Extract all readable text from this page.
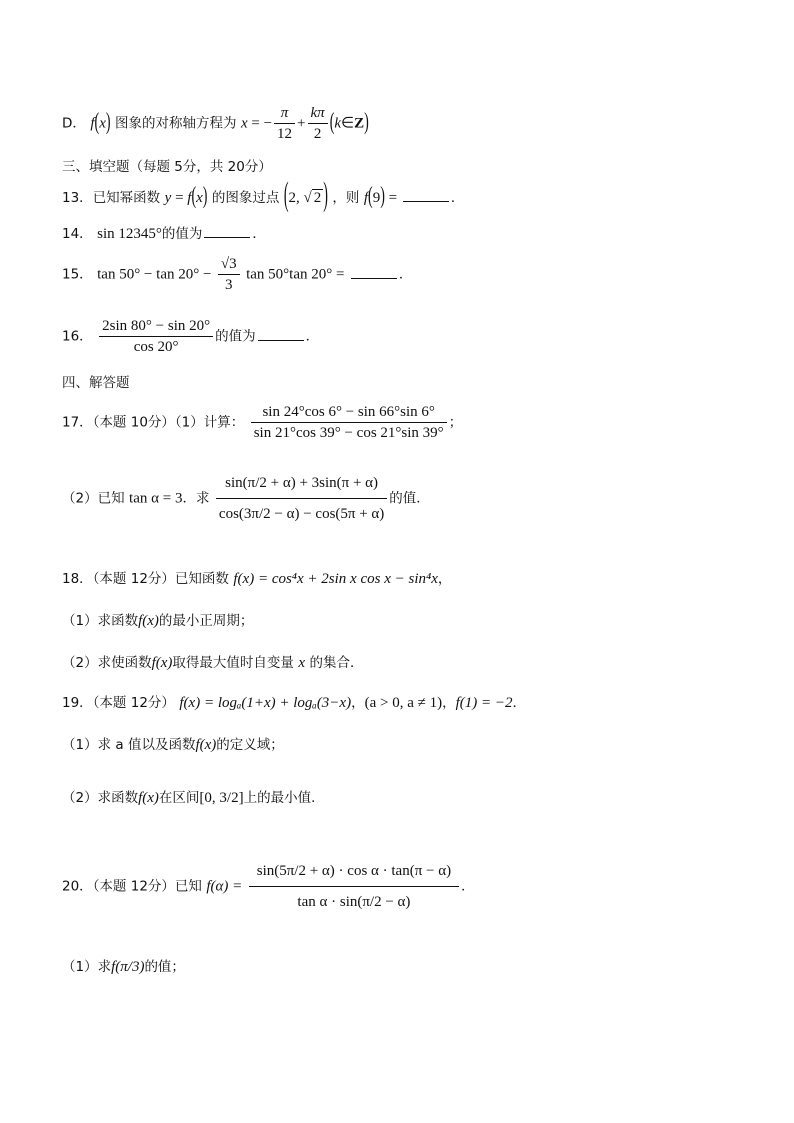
D． f(x) 图象的对称轴方程为 x = − $\frac{\pi}{12} + \frac{k\pi}{2}$ (k∈Z)
三、填空题（每题 5分，共 20分）
13．已知幂函数 y = f(x) 的图象过点 (2, √ 2 ) ，则 f(9) =	．
14． sin 12345°的值为	．
15． $\tan 50^\circ - \tan 20^\circ - \frac{√3}{3}$ tan 50°tan 20° =	．
16． $\frac{2\sin 80^\circ - \sin 20^\circ}{\cos 20^\circ}$ 的值为	．
四、解答题
17．（本题 10分）（1）计算： $\frac{\sin 24^\circ\cos 6^\circ - \sin 66^\circ\sin 6^\circ}{\sin 21^\circ\cos 39^\circ - \cos 21^\circ\sin 39^\circ}$ ；
（2）已知 tan α = 3．求 $\frac{\sin(\pi/2 + \alpha) + 3\sin(\pi + \alpha)}{\cos(3\pi/2 - \alpha) - \cos(5\pi + \alpha)}$ 的值．
18．（本题 12分）已知函数 f(x) = cos⁴x + 2sin x cos x − sin⁴x，
（1）求函数f(x)的最小正周期；
（2）求使函数f(x)取得最大值时自变量 x 的集合．
19．（本题 12分） f(x) = logₐ(1+x) + logₐ(3−x)，(a > 0, a ≠ 1)，f(1) = −2．
（1）求 a 值以及函数f(x)的定义域；
（2）求函数f(x)在区间[0, 3/2]上的最小值．
20．（本题 12分）已知 $f(\alpha) = \frac{\text{sin(5π/2 + α) · cos α · tan(π − α)}}{\text{tan α · sin(π/2 − α)}}$ ．
（1）求f(π/3)的值；
